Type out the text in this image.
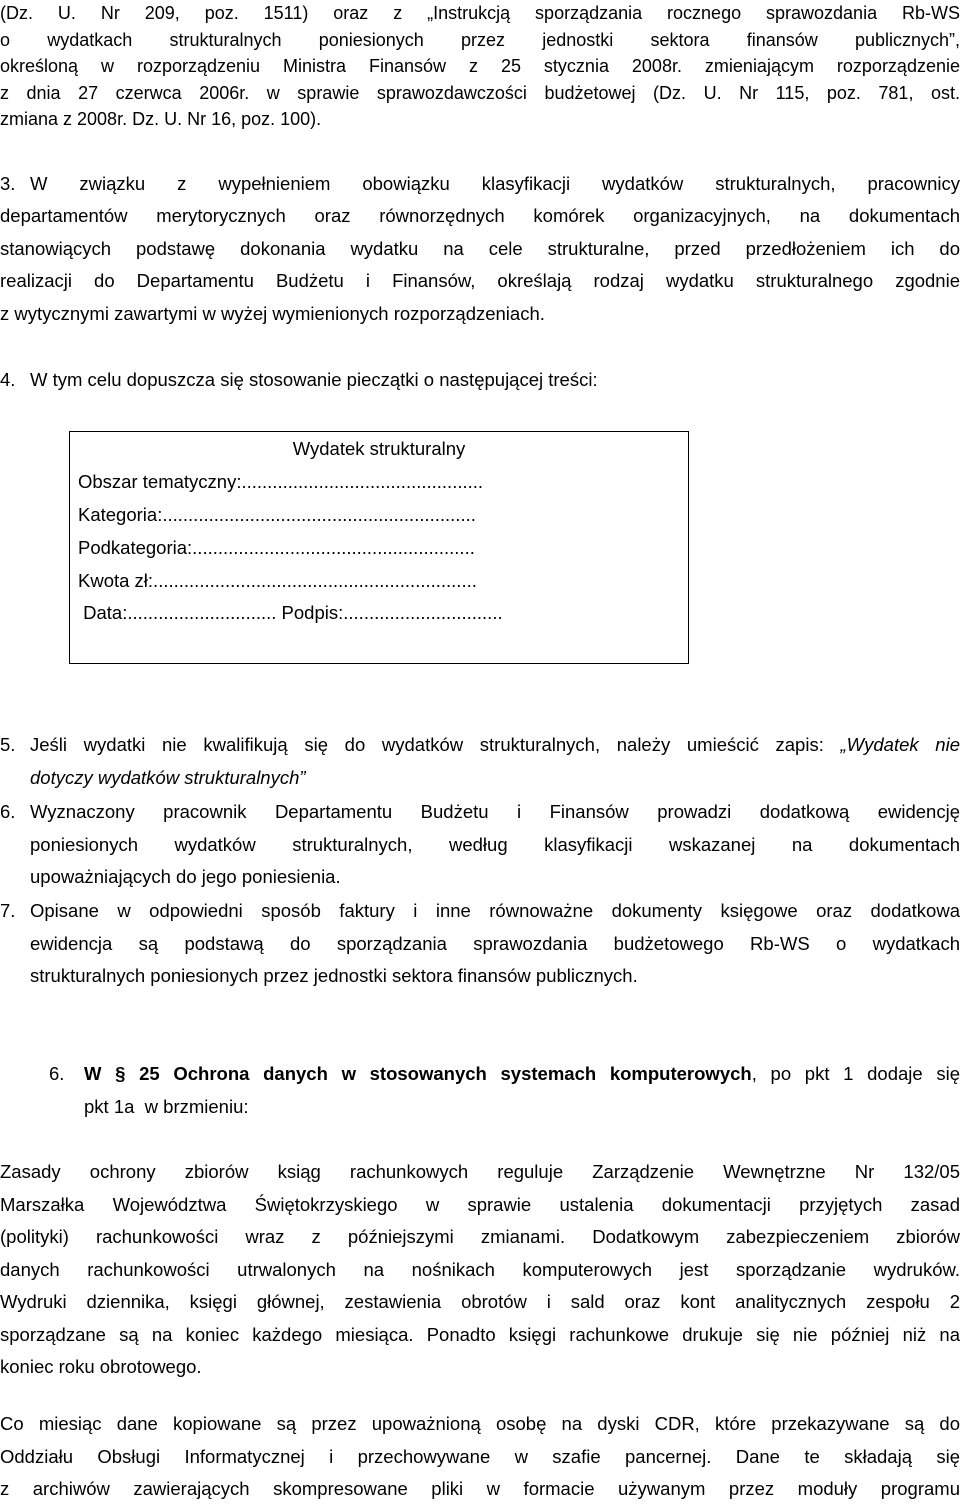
(Dz. U. Nr 209, poz. 1511) oraz z „Instrukcją sporządzania rocznego sprawozdania Rb-WS
o wydatkach strukturalnych poniesionych przez jednostki sektora finansów publicznych”,
określoną w rozporządzeniu Ministra Finansów z 25 stycznia 2008r. zmieniającym rozporządzenie
z dnia 27 czerwca 2006r. w sprawie sprawozdawczości budżetowej (Dz. U. Nr 115, poz. 781, ost.
zmiana z 2008r. Dz. U. Nr 16, poz. 100).
3. W związku z wypełnieniem obowiązku klasyfikacji wydatków strukturalnych, pracownicy
departamentów merytorycznych oraz równorzędnych komórek organizacyjnych, na dokumentach
stanowiących podstawę dokonania wydatku na cele strukturalne, przed przedłożeniem ich do
realizacji do Departamentu Budżetu i Finansów, określają rodzaj wydatku strukturalnego zgodnie
z wytycznymi zawartymi w wyżej wymienionych rozporządzeniach.
4. W tym celu dopuszcza się stosowanie pieczątki o następującej treści:
Wydatek strukturalny
Obszar tematyczny:...............................................
Kategoria:.............................................................
Podkategoria:.......................................................
Kwota zł:...............................................................
Data:............................. Podpis:...............................
5. Jeśli wydatki nie kwalifikują się do wydatków strukturalnych, należy umieścić zapis: „Wydatek nie
dotyczy wydatków strukturalnych”
6. Wyznaczony pracownik Departamentu Budżetu i Finansów prowadzi dodatkową ewidencję
poniesionych wydatków strukturalnych, według klasyfikacji wskazanej na dokumentach
upoważniających do jego poniesienia.
7. Opisane w odpowiedni sposób faktury i inne równoważne dokumenty księgowe oraz dodatkowa
ewidencja są podstawą do sporządzania sprawozdania budżetowego Rb-WS o wydatkach
strukturalnych poniesionych przez jednostki sektora finansów publicznych.
6. W § 25 Ochrona danych w stosowanych systemach komputerowych, po pkt 1 dodaje się
pkt 1a  w brzmieniu:
Zasady ochrony zbiorów ksiąg rachunkowych reguluje Zarządzenie Wewnętrzne Nr 132/05
Marszałka Województwa Świętokrzyskiego w sprawie ustalenia dokumentacji przyjętych zasad
(polityki) rachunkowości wraz z późniejszymi zmianami. Dodatkowym zabezpieczeniem zbiorów
danych rachunkowości utrwalonych na nośnikach komputerowych jest sporządzanie wydruków.
Wydruki dziennika, księgi głównej, zestawienia obrotów i sald oraz kont analitycznych zespołu 2
sporządzane są na koniec każdego miesiąca. Ponadto księgi rachunkowe drukuje się nie później niż na
koniec roku obrotowego.
Co miesiąc dane kopiowane są przez upoważnioną osobę na dyski CDR, które przekazywane są do
Oddziału Obsługi Informatycznej i przechowywane w szafie pancernej. Dane te składają się
z archiwów zawierających skompresowane pliki w formacie używanym przez moduły programu
